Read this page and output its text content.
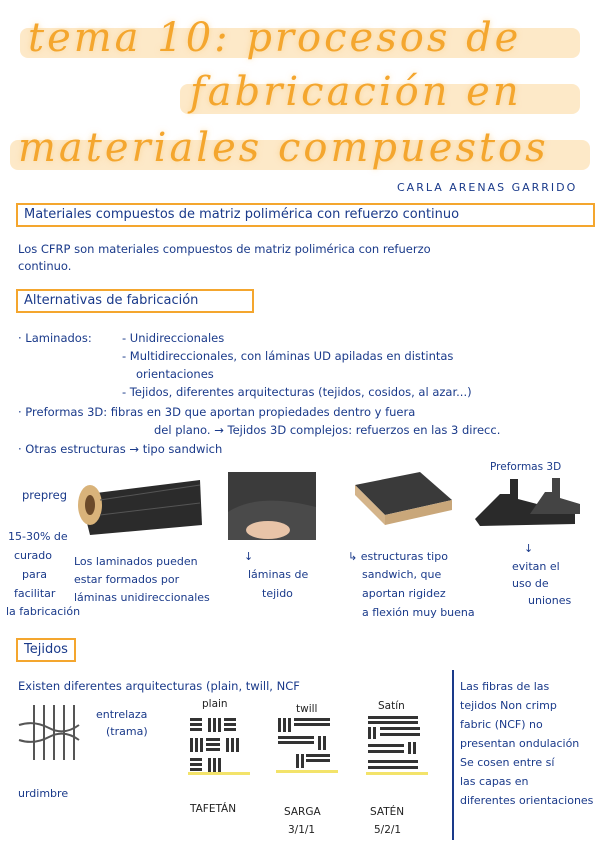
tema 10: procesos de
fabricación en
materiales compuestos
CARLA ARENAS GARRIDO
Materiales compuestos de matriz polimérica con refuerzo continuo
Los CFRP son materiales compuestos de matriz polimérica con refuerzo
continuo.
Alternativas de fabricación
· Laminados:	- Unidireccionales
- Multidireccionales, con láminas UD apiladas en distintas
orientaciones
- Tejidos, diferentes arquitecturas (tejidos, cosidos, al azar...)
· Preformas 3D: fibras en 3D que aportan propiedades dentro y fuera
del plano. → Tejidos 3D complejos: refuerzos en las 3 direcc.
· Otras estructuras → tipo sandwich
prepreg
Preformas 3D
15-30% de
curado
para
facilitar
la fabricación
Los laminados pueden
estar formados por
láminas unidireccionales
↓
láminas de
tejido
↳ estructuras tipo
sandwich, que
aportan rigidez
a flexión muy buena
↓
evitan el
uso de
uniones
Tejidos
Existen diferentes arquitecturas (plain, twill, NCF
entrelaza
(trama)
urdimbre
plain	twill	Satín
TAFETÁN	SARGA	SATÉN
3/1/1	5/2/1
Las fibras de las
tejidos Non crimp
fabric (NCF) no
presentan ondulación
Se cosen entre sí
las capas en
diferentes orientaciones
